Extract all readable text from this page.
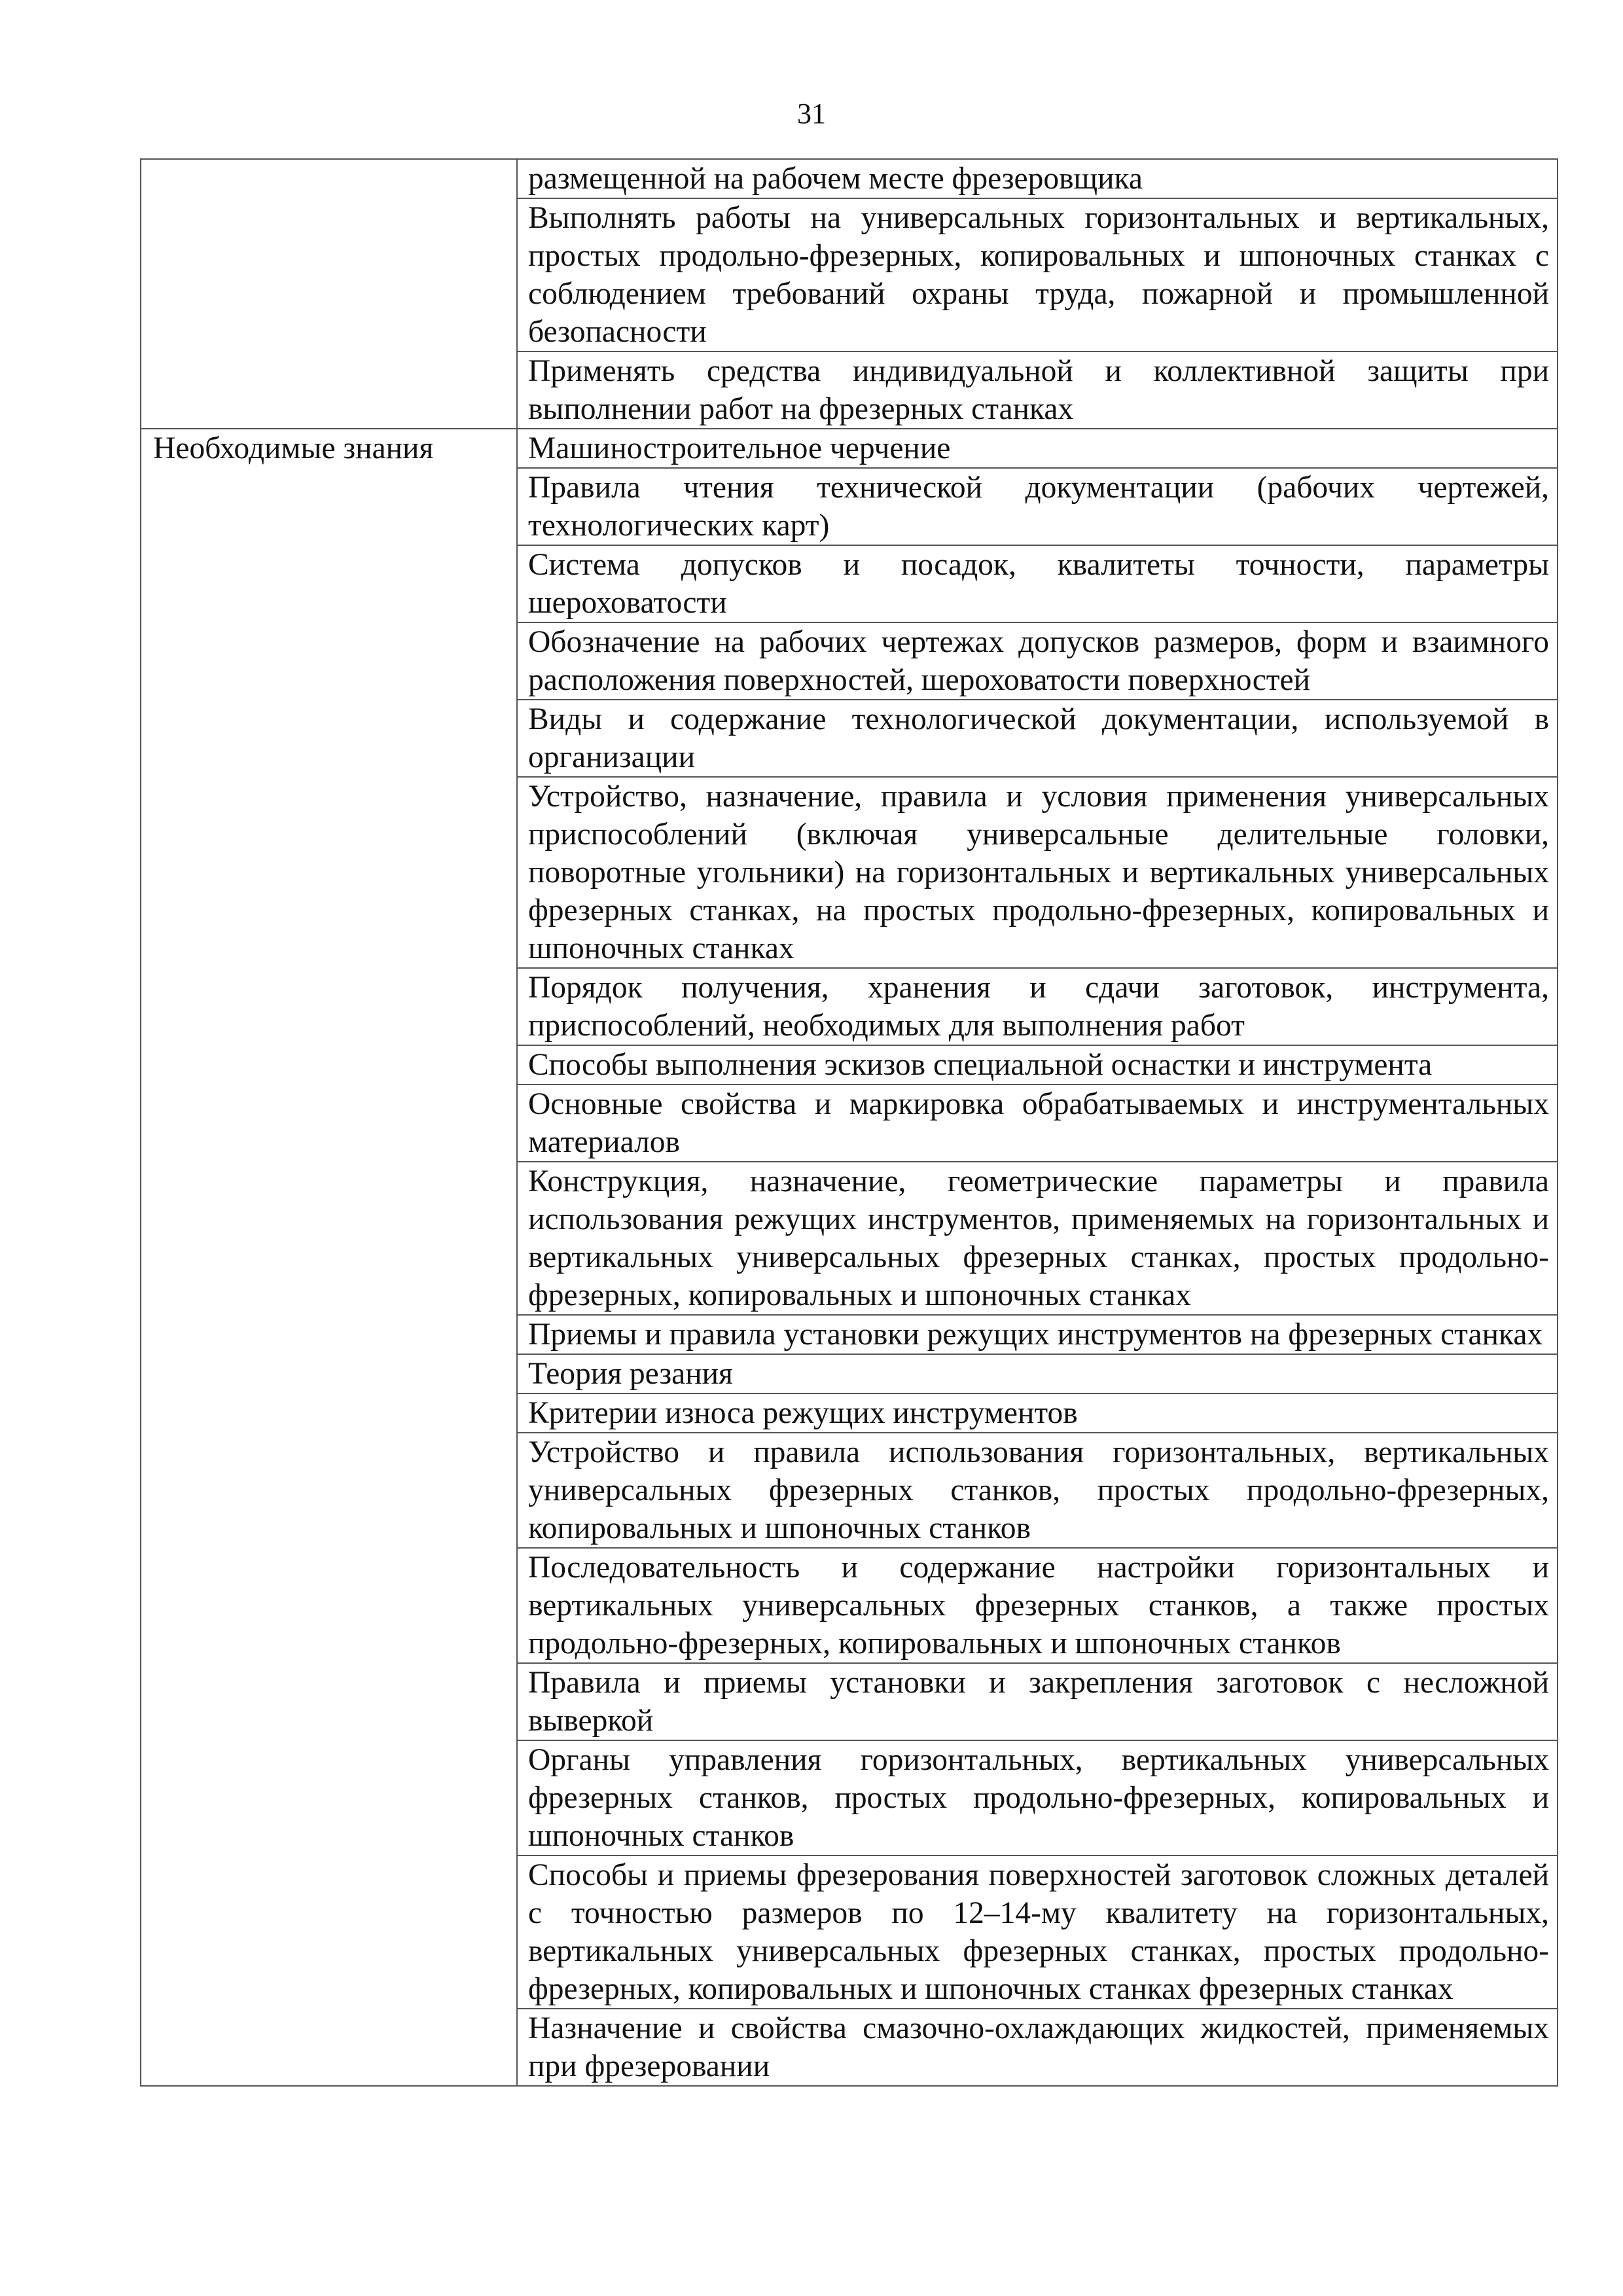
31
	размещенной на рабочем месте фрезеровщика
	Выполнять работы на универсальных горизонтальных и вертикальных, простых продольно-фрезерных, копировальных и шпоночных станках с соблюдением требований охраны труда, пожарной и промышленной безопасности
	Применять средства индивидуальной и коллективной защиты при выполнении работ на фрезерных станках
Необходимые знания	Машиностроительное черчение
	Правила чтения технической документации (рабочих чертежей, технологических карт)
	Система допусков и посадок, квалитеты точности, параметры шероховатости
	Обозначение на рабочих чертежах допусков размеров, форм и взаимного расположения поверхностей, шероховатости поверхностей
	Виды и содержание технологической документации, используемой в организации
	Устройство, назначение, правила и условия применения универсальных приспособлений (включая универсальные делительные головки, поворотные угольники) на горизонтальных и вертикальных универсальных фрезерных станках, на простых продольно-фрезерных, копировальных и шпоночных станках
	Порядок получения, хранения и сдачи заготовок, инструмента, приспособлений, необходимых для выполнения работ
	Способы выполнения эскизов специальной оснастки и инструмента
	Основные свойства и маркировка обрабатываемых и инструментальных материалов
	Конструкция, назначение, геометрические параметры и правила использования режущих инструментов, применяемых на горизонтальных и вертикальных универсальных фрезерных станках, простых продольно-фрезерных, копировальных и шпоночных станках
	Приемы и правила установки режущих инструментов на фрезерных станках
	Теория резания
	Критерии износа режущих инструментов
	Устройство и правила использования горизонтальных, вертикальных универсальных фрезерных станков, простых продольно-фрезерных, копировальных и шпоночных станков
	Последовательность и содержание настройки горизонтальных и вертикальных универсальных фрезерных станков, а также простых продольно-фрезерных, копировальных и шпоночных станков
	Правила и приемы установки и закрепления заготовок с несложной выверкой
	Органы управления горизонтальных, вертикальных универсальных фрезерных станков, простых продольно-фрезерных, копировальных и шпоночных станков
	Способы и приемы фрезерования поверхностей заготовок сложных деталей с точностью размеров по 12–14-му квалитету на горизонтальных, вертикальных универсальных фрезерных станках, простых продольно-фрезерных, копировальных и шпоночных станках фрезерных станках
	Назначение и свойства смазочно-охлаждающих жидкостей, применяемых при фрезеровании
